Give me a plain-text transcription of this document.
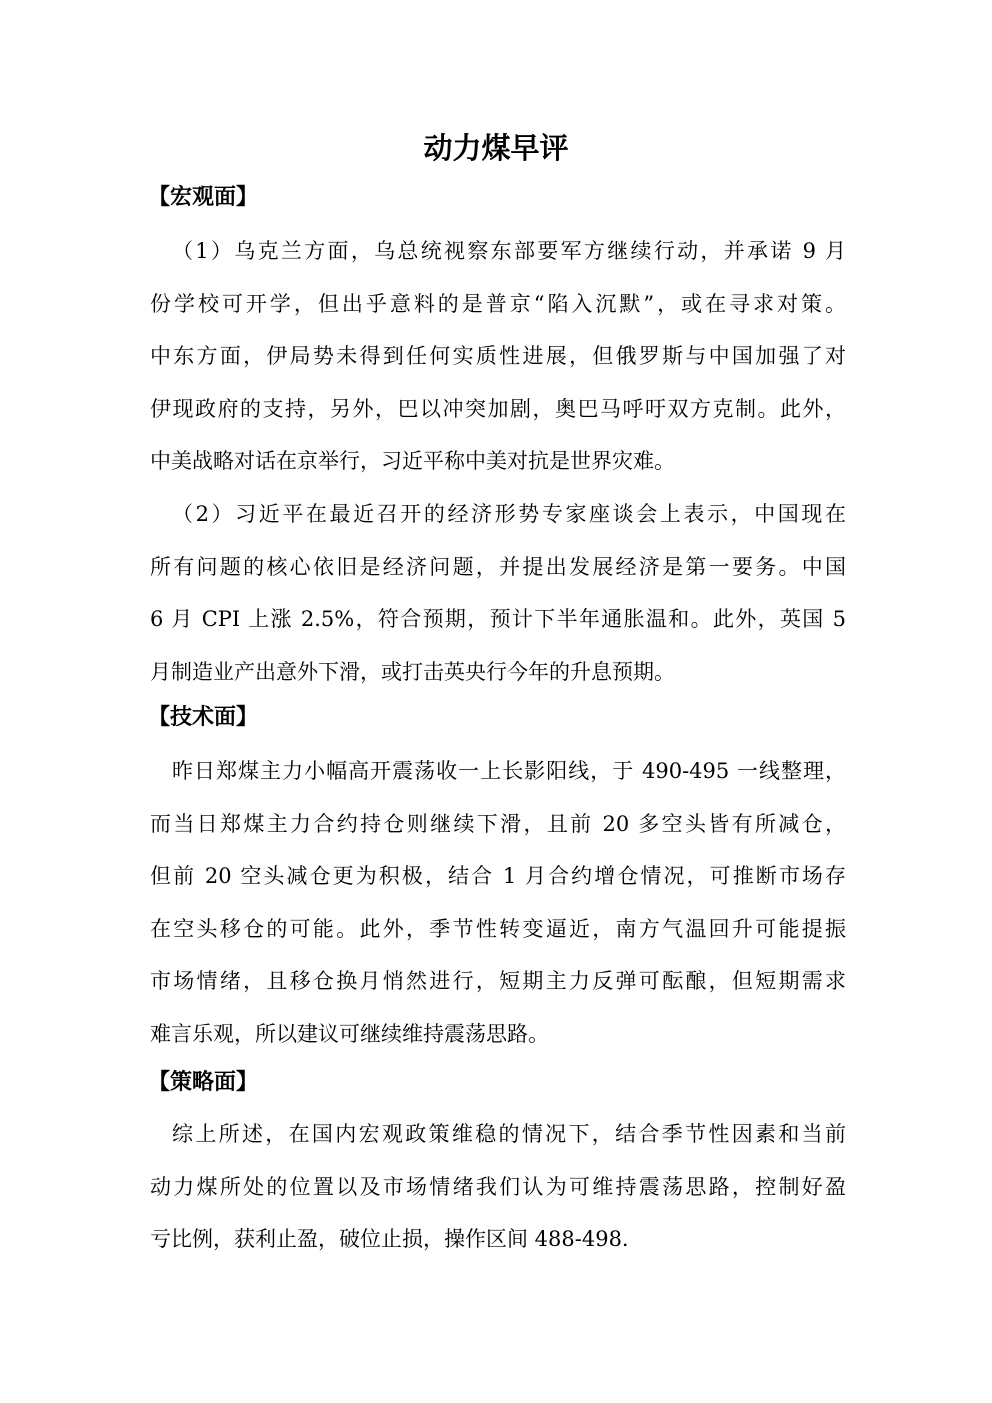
动力煤早评
【宏观面】
（1）乌克兰方面，乌总统视察东部要军方继续行动，并承诺 9 月
份学校可开学，但出乎意料的是普京“陷入沉默”，或在寻求对策。
中东方面，伊局势未得到任何实质性进展，但俄罗斯与中国加强了对
伊现政府的支持，另外，巴以冲突加剧，奥巴马呼吁双方克制。此外，
中美战略对话在京举行，习近平称中美对抗是世界灾难。
（2）习近平在最近召开的经济形势专家座谈会上表示，中国现在
所有问题的核心依旧是经济问题，并提出发展经济是第一要务。中国
6 月 CPI 上涨 2.5%，符合预期，预计下半年通胀温和。此外，英国 5
月制造业产出意外下滑，或打击英央行今年的升息预期。
【技术面】
昨日郑煤主力小幅高开震荡收一上长影阳线，于 490-495 一线整理，
而当日郑煤主力合约持仓则继续下滑，且前 20 多空头皆有所减仓，
但前 20 空头减仓更为积极，结合 1 月合约增仓情况，可推断市场存
在空头移仓的可能。此外，季节性转变逼近，南方气温回升可能提振
市场情绪，且移仓换月悄然进行，短期主力反弹可酝酿，但短期需求
难言乐观，所以建议可继续维持震荡思路。
【策略面】
综上所述，在国内宏观政策维稳的情况下，结合季节性因素和当前
动力煤所处的位置以及市场情绪我们认为可维持震荡思路，控制好盈
亏比例，获利止盈，破位止损，操作区间 488-498.
